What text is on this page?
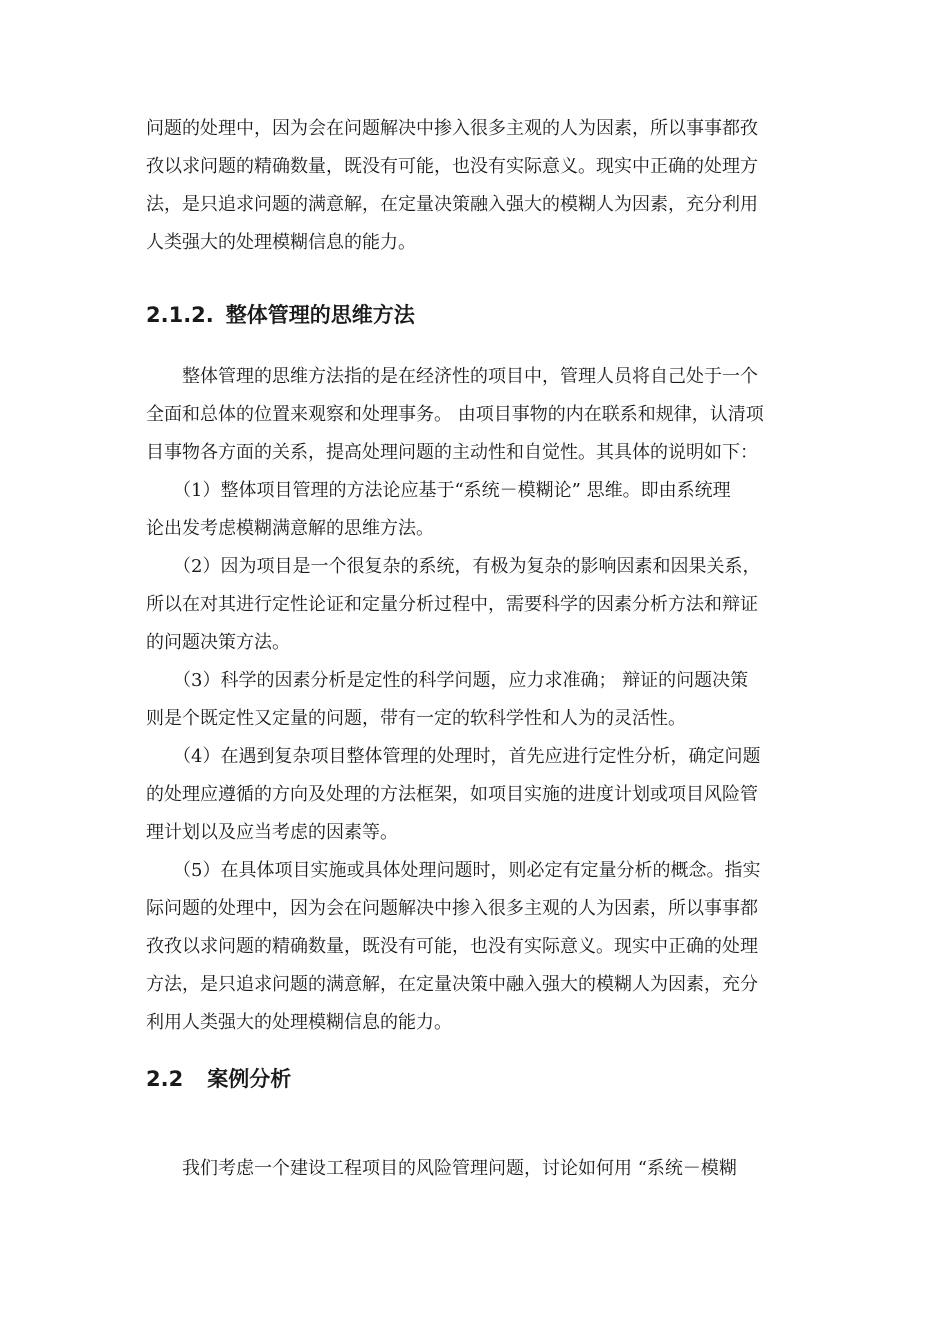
问题的处理中，因为会在问题解决中掺入很多主观的人为因素，所以事事都孜
孜以求问题的精确数量，既没有可能，也没有实际意义。现实中正确的处理方
法，是只追求问题的满意解，在定量决策融入强大的模糊人为因素，充分利用
人类强大的处理模糊信息的能力。
2.1.2. 整体管理的思维方法
　　整体管理的思维方法指的是在经济性的项目中，管理人员将自己处于一个
全面和总体的位置来观察和处理事务。 由项目事物的内在联系和规律，认清项
目事物各方面的关系，提高处理问题的主动性和自觉性。其具体的说明如下：
　　（1）整体项目管理的方法论应基于“系统－模糊论” 思维。即由系统理
论出发考虑模糊满意解的思维方法。
　　（2）因为项目是一个很复杂的系统，有极为复杂的影响因素和因果关系，
所以在对其进行定性论证和定量分析过程中，需要科学的因素分析方法和辩证
的问题决策方法。
　　（3）科学的因素分析是定性的科学问题，应力求准确； 辩证的问题决策
则是个既定性又定量的问题，带有一定的软科学性和人为的灵活性。
　　（4）在遇到复杂项目整体管理的处理时，首先应进行定性分析，确定问题
的处理应遵循的方向及处理的方法框架，如项目实施的进度计划或项目风险管
理计划以及应当考虑的因素等。
　　（5）在具体项目实施或具体处理问题时，则必定有定量分析的概念。指实
际问题的处理中，因为会在问题解决中掺入很多主观的人为因素，所以事事都
孜孜以求问题的精确数量，既没有可能，也没有实际意义。现实中正确的处理
方法，是只追求问题的满意解，在定量决策中融入强大的模糊人为因素，充分
利用人类强大的处理模糊信息的能力。
2.2 案例分析
　　我们考虑一个建设工程项目的风险管理问题，讨论如何用 “系统－模糊
